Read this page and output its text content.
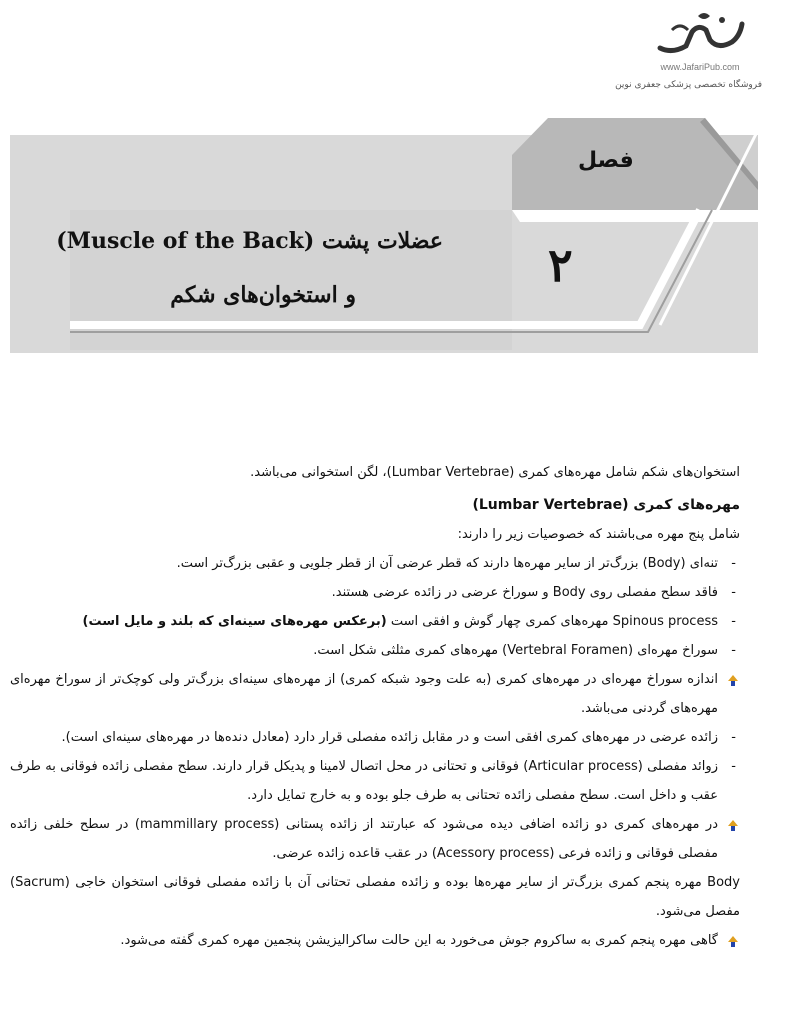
www.JafariPub.com
فروشگاه تخصصی پزشکی جعفری نوین
فصل
۲
عضلات پشت (Muscle of the Back)
و استخوان‌های شکم

استخوان‌های شکم شامل مهره‌های کمری (Lumbar Vertebrae)، لگن استخوانی می‌باشد.

مهره‌های کمری (Lumbar Vertebrae)

شامل پنج مهره می‌باشند که خصوصیات زیر را دارند:

- تنه‌ای (Body) بزرگ‌تر از سایر مهره‌ها دارند که قطر عرضی آن از قطر جلویی و عقبی بزرگ‌تر است.

- فاقد سطح مفصلی روی Body و سوراخ عرضی در زائده عرضی هستند.

- Spinous process مهره‌های کمری چهار گوش و افقی است (برعکس مهره‌های سینه‌ای که بلند و مایل است)

- سوراخ مهره‌ای (Vertebral Foramen) مهره‌های کمری مثلثی شکل است.

اندازه سوراخ مهره‌ای در مهره‌های کمری (به علت وجود شبکه کمری) از مهره‌های سینه‌ای بزرگ‌تر ولی کوچک‌تر از سوراخ مهره‌ای مهره‌های گردنی می‌باشد.

- زائده عرضی در مهره‌های کمری افقی است و در مقابل زائده مفصلی قرار دارد (معادل دنده‌ها در مهره‌های سینه‌ای است).

- زوائد مفصلی (Articular process) فوقانی و تحتانی در محل اتصال لامینا و پدیکل قرار دارند. سطح مفصلی زائده فوقانی به طرف عقب و داخل است. سطح مفصلی زائده تحتانی به طرف جلو بوده و به خارج تمایل دارد.

در مهره‌های کمری دو زائده اضافی دیده می‌شود که عبارتند از زائده پستانی (mammillary process) در سطح خلفی زائده مفصلی فوقانی و زائده فرعی (Acessory process) در عقب قاعده زائده عرضی.

Body مهره پنجم کمری بزرگ‌تر از سایر مهره‌ها بوده و زائده مفصلی تحتانی آن با زائده مفصلی فوقانی استخوان خاجی (Sacrum) مفصل می‌شود.

گاهی مهره پنجم کمری به ساکروم جوش می‌خورد به این حالت ساکرالیزیشن پنجمین مهره کمری گفته می‌شود.
